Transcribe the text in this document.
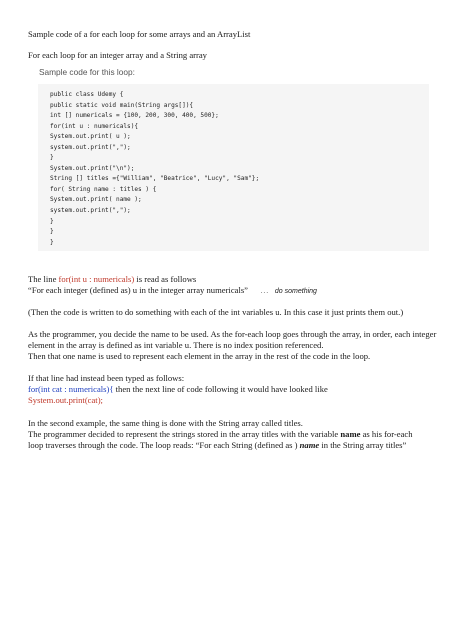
Sample code of a for each loop for some arrays and an ArrayList
For each loop for an integer array and a String array
Sample code for this loop:
public class Udemy {
public static void main(String args[]){
int [] numericals = {100, 200, 300, 400, 500};
for(int u : numericals){
System.out.print( u );
system.out.print(",");
}
System.out.print("\n");
String [] titles ={"William", "Beatrice", "Lucy", "Sam"};
for( String name : titles ) {
System.out.print( name );
system.out.print(",");
}
}
}
The line for(int u : numericals) is read as follows
“For each integer (defined as) u in the integer array numericals” … do something
(Then the code is written to do something with each of the int variables u. In this case it just prints them out.)
As the programmer, you decide the name to be used. As the for-each loop goes through the array, in order, each integer element in the array is defined as int variable u. There is no index position referenced.
Then that one name is used to represent each element in the array in the rest of the code in the loop.
If that line had instead been typed as follows:
for(int cat : numericals){ then the next line of code following it would have looked like
System.out.print(cat);
In the second example, the same thing is done with the String array called titles.
The programmer decided to represent the strings stored in the array titles with the variable name as his for-each
loop traverses through the code. The loop reads: “For each String (defined as ) name in the String array titles”
